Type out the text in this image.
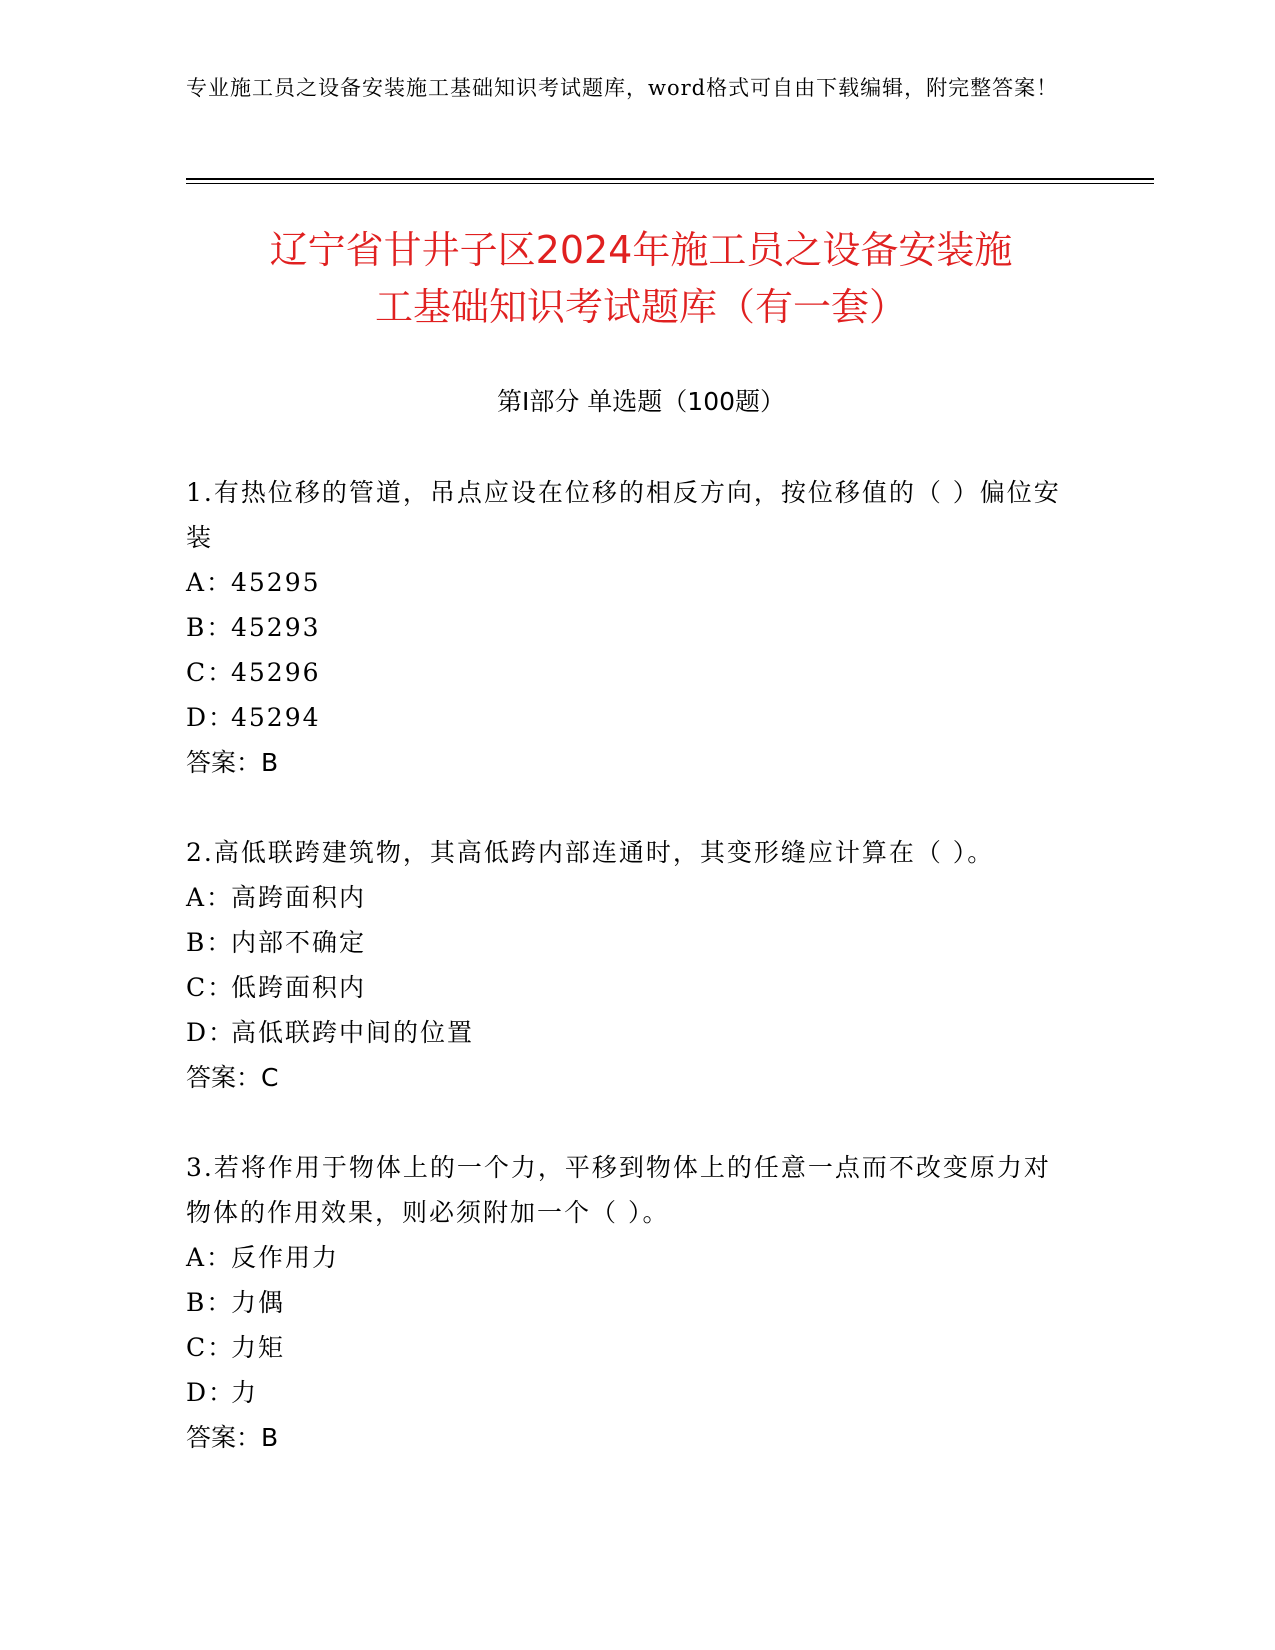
专业施工员之设备安装施工基础知识考试题库，word格式可自由下载编辑，附完整答案！
辽宁省甘井子区2024年施工员之设备安装施
工基础知识考试题库（有一套）
第Ⅰ部分 单选题（100题）

1.有热位移的管道，吊点应设在位移的相反方向，按位移值的（ ）偏位安装

A：45295

B：45293

C：45296

D：45294

答案：B

2.高低联跨建筑物，其高低跨内部连通时，其变形缝应计算在（ ）。

A：高跨面积内

B：内部不确定

C：低跨面积内

D：高低联跨中间的位置

答案：C

3.若将作用于物体上的一个力，平移到物体上的任意一点而不改变原力对物体的作用效果，则必须附加一个（ ）。

A：反作用力

B：力偶

C：力矩

D：力

答案：B
